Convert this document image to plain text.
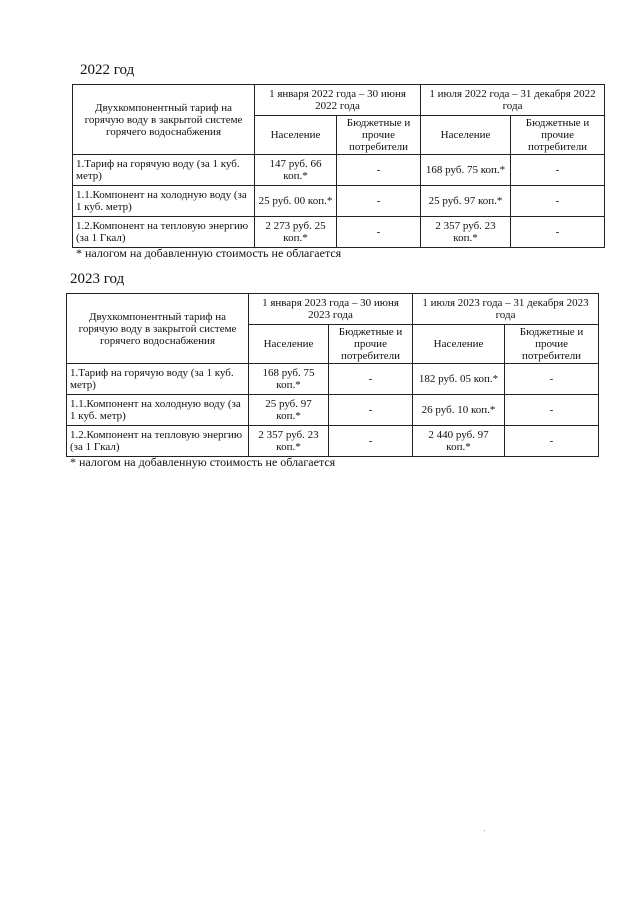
2022 год
Двухкомпонентный тариф на горячую воду в закрытой системе горячего водоснабжения	1 января 2022 года – 30 июня 2022 года		1 июля 2022 года – 31 декабря 2022 года	
	Население	Бюджетные и прочие потребители	Население	Бюджетные и прочие потребители
1.Тариф на горячую воду (за 1 куб. метр)	147 руб. 66 коп.*	-	168 руб. 75 коп.*	-
1.1.Компонент на холодную воду (за 1 куб. метр)	25 руб. 00 коп.*	-	25 руб. 97 коп.*	-
1.2.Компонент на тепловую энергию (за 1 Гкал)	2 273 руб. 25 коп.*	-	2 357 руб. 23 коп.*	-

* налогом на добавленную стоимость не облагается

2023 год
Двухкомпонентный тариф на горячую воду в закрытой системе горячего водоснабжения	1 января 2023 года – 30 июня 2023 года		1 июля 2023 года – 31 декабря 2023 года	
	Население	Бюджетные и прочие потребители	Население	Бюджетные и прочие потребители
1.Тариф на горячую воду (за 1 куб. метр)	168 руб. 75 коп.*	-	182 руб. 05 коп.*	-
1.1.Компонент на холодную воду (за 1 куб. метр)	25 руб. 97 коп.*	-	26 руб. 10 коп.*	-
1.2.Компонент на тепловую энергию (за 1 Гкал)	2 357 руб. 23 коп.*	-	2 440 руб. 97 коп.*	-

* налогом на добавленную стоимость не облагается
